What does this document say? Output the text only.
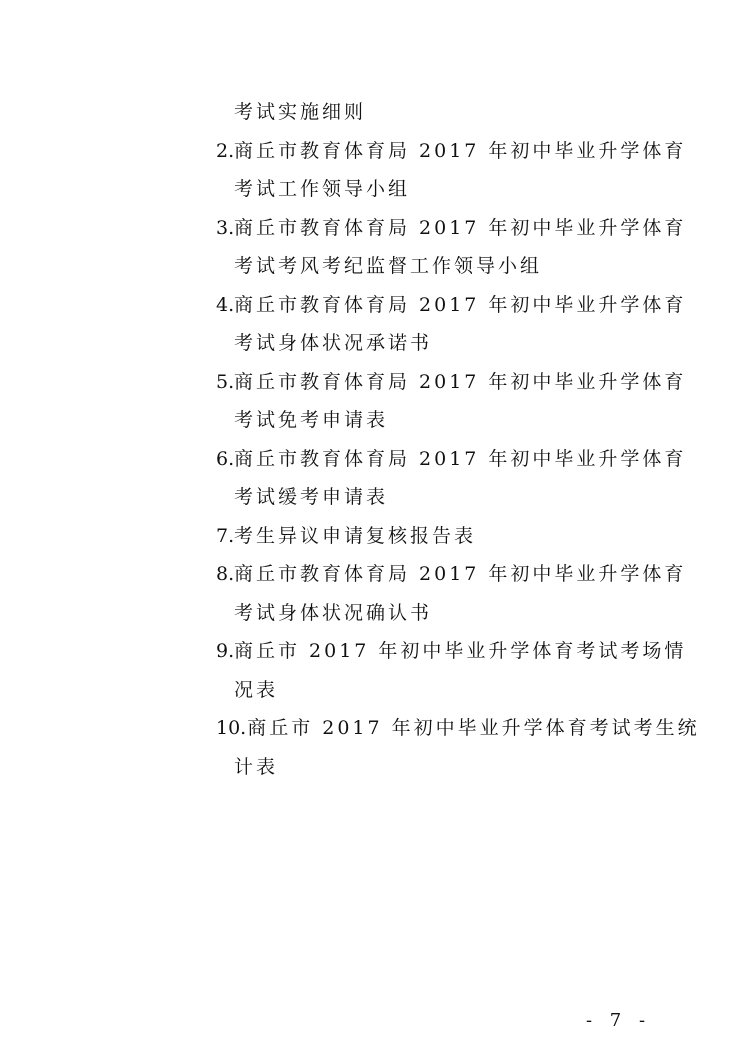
考试实施细则
2.商丘市教育体育局 2017 年初中毕业升学体育
考试工作领导小组
3.商丘市教育体育局 2017 年初中毕业升学体育
考试考风考纪监督工作领导小组
4.商丘市教育体育局 2017 年初中毕业升学体育
考试身体状况承诺书
5.商丘市教育体育局 2017 年初中毕业升学体育
考试免考申请表
6.商丘市教育体育局 2017 年初中毕业升学体育
考试缓考申请表
7.考生异议申请复核报告表
8.商丘市教育体育局 2017 年初中毕业升学体育
考试身体状况确认书
9.商丘市 2017 年初中毕业升学体育考试考场情
况表
10.商丘市 2017 年初中毕业升学体育考试考生统
计表
- 7 -
